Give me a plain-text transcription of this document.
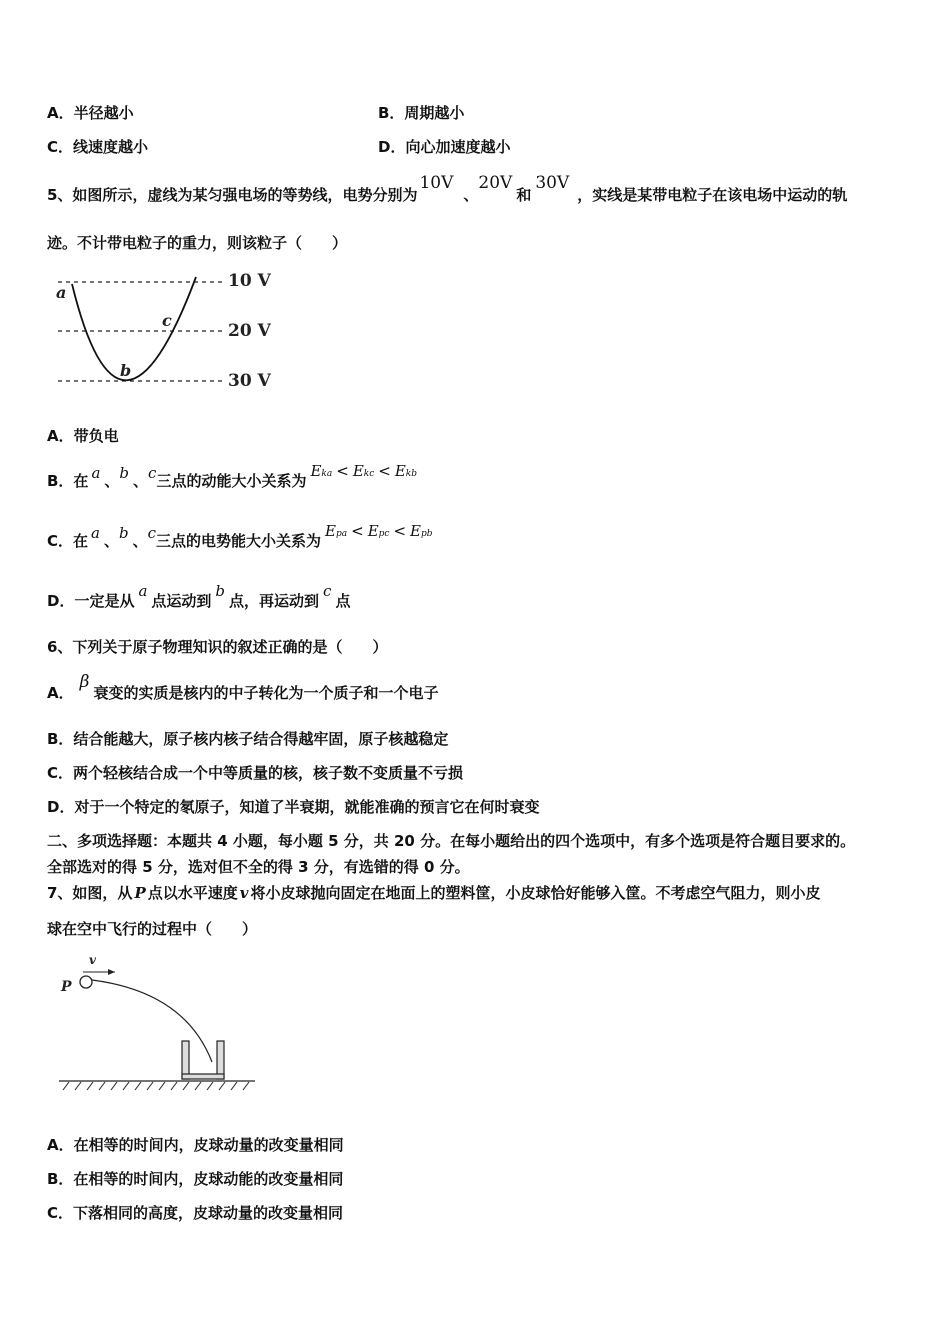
A．半径越小	B．周期越小
C．线速度越小	D．向心加速度越小
5、如图所示，虚线为某匀强电场的等势线，电势分别为10V、20V和30V，实线是某带电粒子在该电场中运动的轨
迹。不计带电粒子的重力，则该粒子（　　）
10 V
20 V
30 V
a
b
c
A．带负电
B．在 a 、b 、c三点的动能大小关系为Eka < Ekc < Ekb
C．在 a 、b 、c三点的电势能大小关系为Epa < Epc < Epb
D．一定是从a点运动到b点，再运动到c点
6、下列关于原子物理知识的叙述正确的是（　　）
A．β衰变的实质是核内的中子转化为一个质子和一个电子
B．结合能越大，原子核内核子结合得越牢固，原子核越稳定
C．两个轻核结合成一个中等质量的核，核子数不变质量不亏损
D．对于一个特定的氡原子，知道了半衰期，就能准确的预言它在何时衰变
二、多项选择题：本题共 4 小题，每小题 5 分，共 20 分。在每小题给出的四个选项中，有多个选项是符合题目要求的。
全部选对的得 5 分，选对但不全的得 3 分，有选错的得 0 分。
7、如图，从 P 点以水平速度 v 将小皮球抛向固定在地面上的塑料筐，小皮球恰好能够入筐。不考虑空气阻力，则小皮
球在空中飞行的过程中（　　）
v
P
A．在相等的时间内，皮球动量的改变量相同
B．在相等的时间内，皮球动能的改变量相同
C．下落相同的高度，皮球动量的改变量相同
